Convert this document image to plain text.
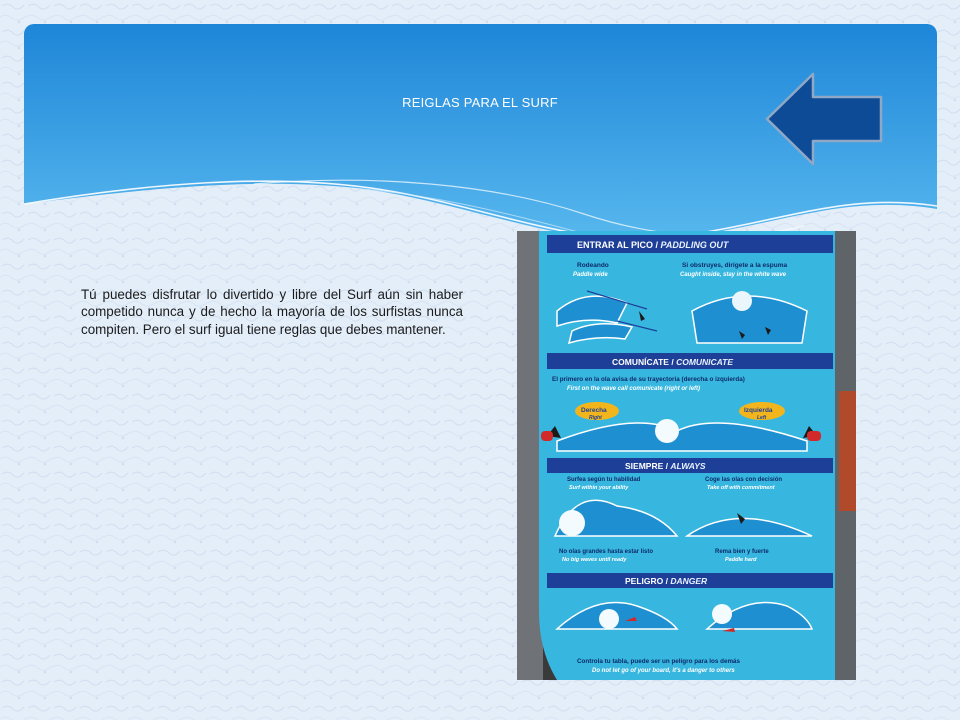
REIGLAS PARA EL SURF
Tú puedes disfrutar lo divertido y libre del Surf aún sin haber competido nunca y de hecho la mayoría de los surfistas nunca compiten. Pero el surf igual tiene reglas que debes mantener.
ENTRAR AL PICO / PADDLING OUT
Rodeando
Paddle wide
Si obstruyes, dirígete a la espuma
Caught inside, stay in the white wave
COMUNÍCATE / COMUNICATE
El primero en la ola avisa de su trayectoria (derecha o izquierda)
First on the wave call comunicate (right or left)
Derecha
Right
Izquierda
Left
SIEMPRE / ALWAYS
Surfea según tu habilidad
Surf within your ability
Coge las olas con decisión
Take off with commitment
No olas grandes hasta estar listo
No big waves until ready
Rema bien y fuerte
Paddle hard
PELIGRO / DANGER
Controla tu tabla, puede ser un peligro para los demás
Do not let go of your board, it's a danger to others
